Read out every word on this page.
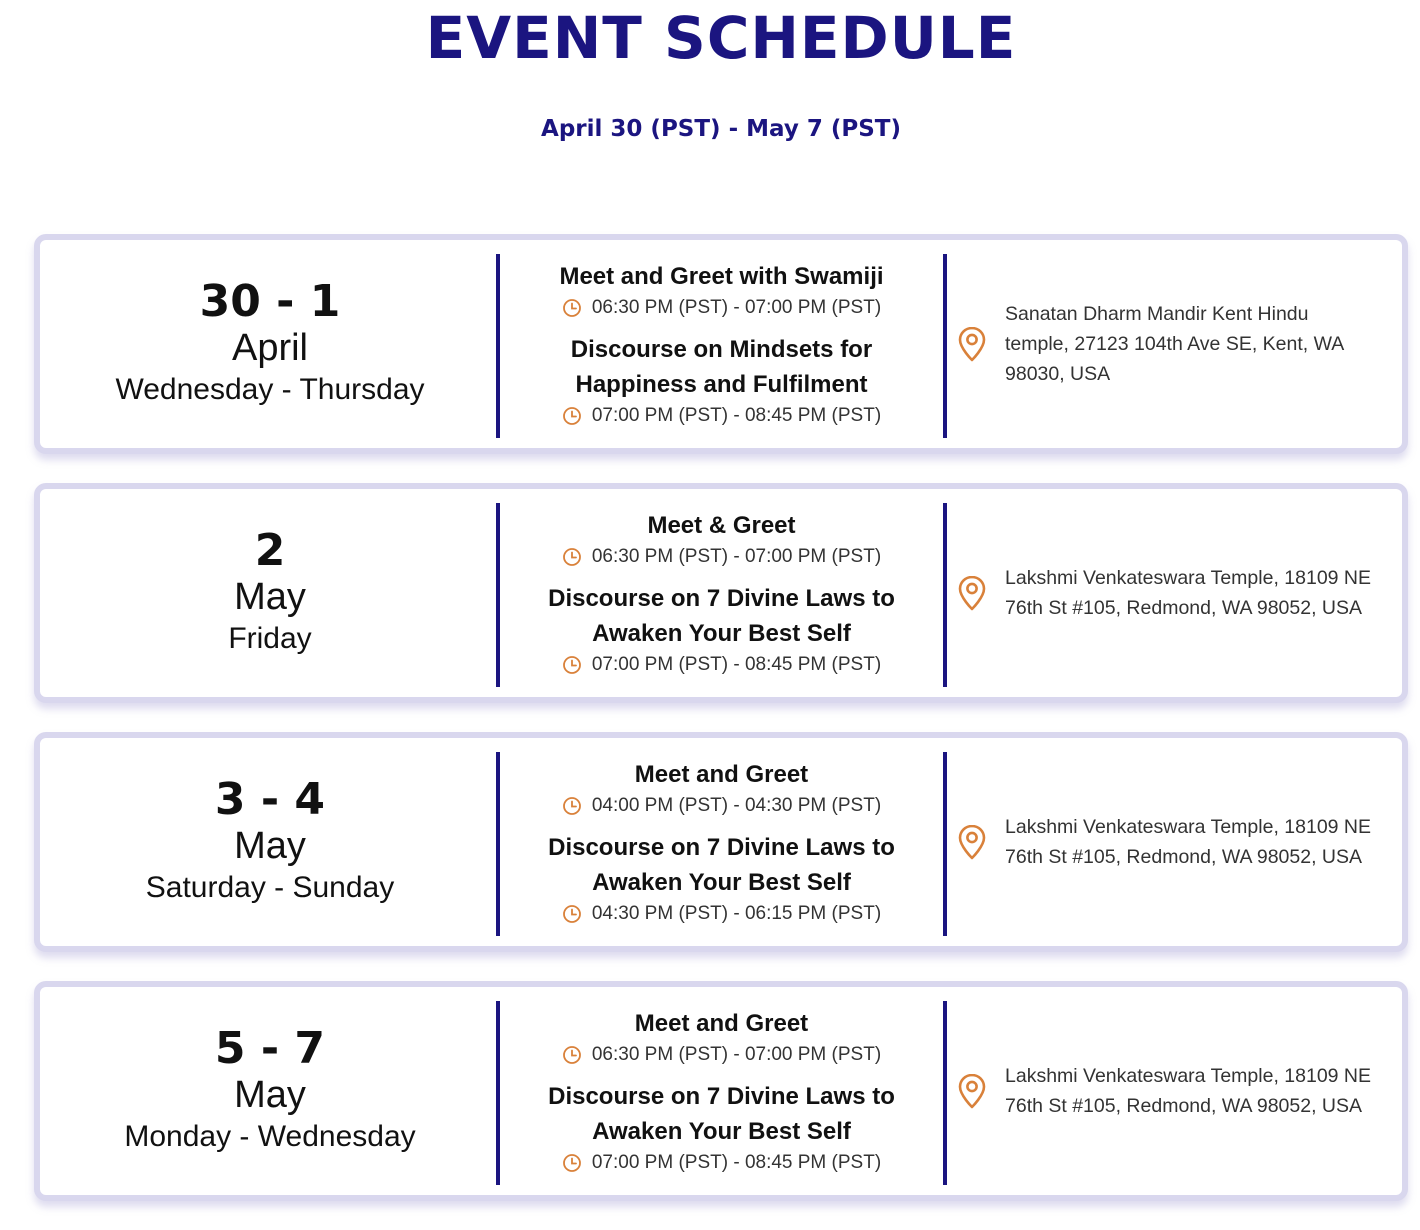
EVENT SCHEDULE
April 30 (PST) - May 7 (PST)
30 - 1
April
Wednesday - Thursday
Meet and Greet with Swamiji
06:30 PM (PST) - 07:00 PM (PST)
Discourse on Mindsets for Happiness and Fulfilment
07:00 PM (PST) - 08:45 PM (PST)
Sanatan Dharm Mandir Kent Hindu temple, 27123 104th Ave SE, Kent, WA 98030, USA
2
May
Friday
Meet & Greet
06:30 PM (PST) - 07:00 PM (PST)
Discourse on 7 Divine Laws to Awaken Your Best Self
07:00 PM (PST) - 08:45 PM (PST)
Lakshmi Venkateswara Temple, 18109 NE 76th St #105, Redmond, WA 98052, USA
3 - 4
May
Saturday - Sunday
Meet and Greet
04:00 PM (PST) - 04:30 PM (PST)
Discourse on 7 Divine Laws to Awaken Your Best Self
04:30 PM (PST) - 06:15 PM (PST)
Lakshmi Venkateswara Temple, 18109 NE 76th St #105, Redmond, WA 98052, USA
5 - 7
May
Monday - Wednesday
Meet and Greet
06:30 PM (PST) - 07:00 PM (PST)
Discourse on 7 Divine Laws to Awaken Your Best Self
07:00 PM (PST) - 08:45 PM (PST)
Lakshmi Venkateswara Temple, 18109 NE 76th St #105, Redmond, WA 98052, USA
